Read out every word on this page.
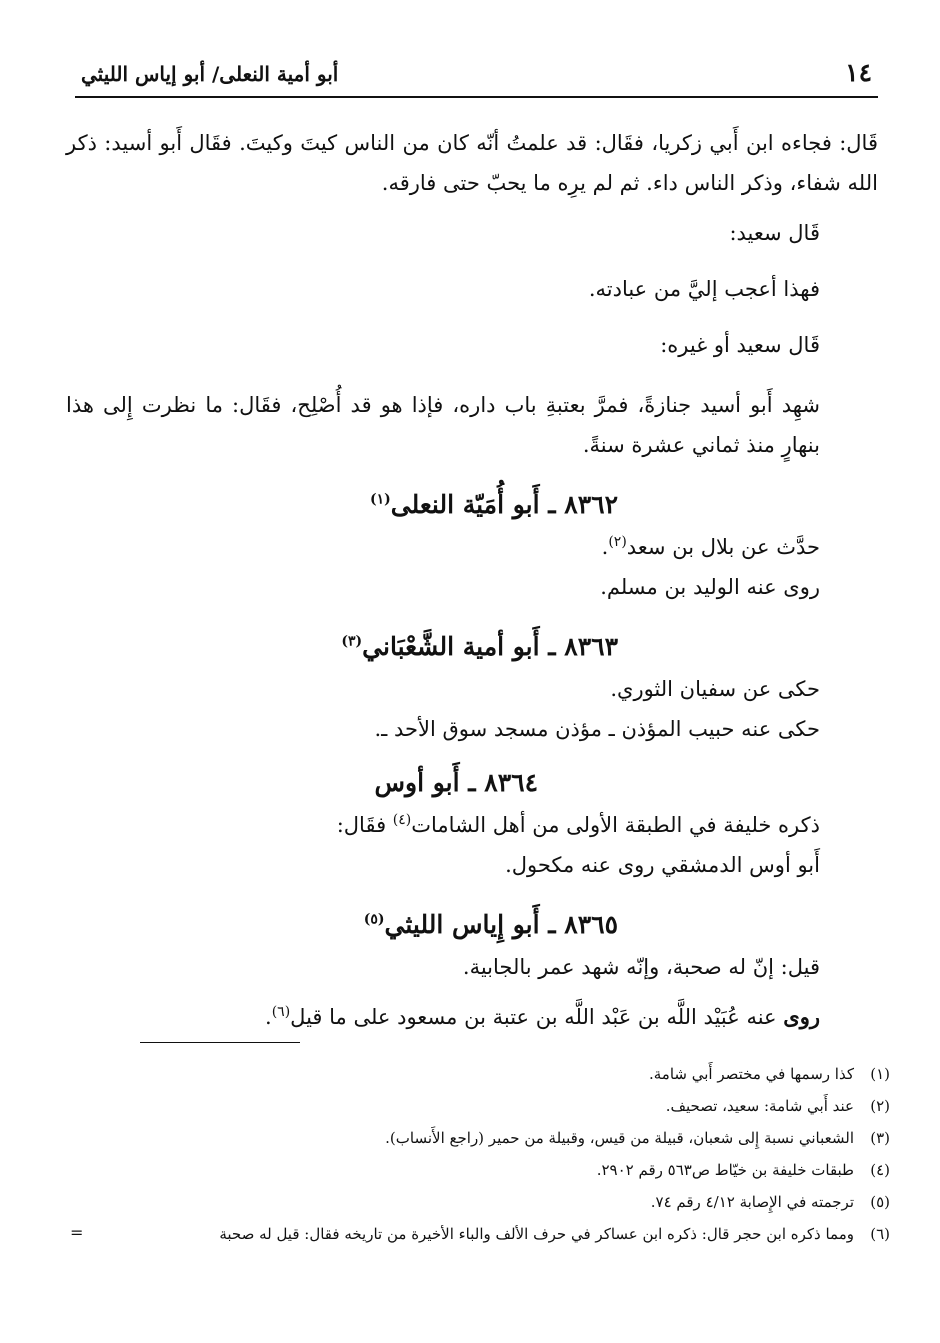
١٤
أبو أمية النعلى/ أبو إياس الليثي

قَال: فجاءه ابن أَبي زكريا، فقَال: قد علمتُ أنّه كان من الناس كيتَ وكيتَ. فقَال أَبو أسيد: ذكر الله شفاء، وذكر الناس داء. ثم لم يرِه ما يحبّ حتى فارقه.

قَال سعيد:

فهذا أعجب إليَّ من عبادته.

قَال سعيد أو غيره:

شهِد أَبو أسيد جنازةً، فمرَّ بعتبةِ باب داره، فإذا هو قد أُصْلِح، فقَال: ما نظرت إِلى هذا بنهارٍ منذ ثماني عشرة سنةً.

٨٣٦٢ ـ أَبو أُمَيّة النعلى$^{(١)}$

حدَّث عن بلال بن سعد$^{(٢)}$.

روى عنه الوليد بن مسلم.

٨٣٦٣ ـ أَبو أمية الشَّعْبَاني$^{(٣)}$

حكى عن سفيان الثوري.

حكى عنه حبيب المؤذن ـ مؤذن مسجد سوق الأحد ـ.

٨٣٦٤ ـ أَبو أوس

ذكره خليفة في الطبقة الأولى من أهل الشامات$^{(٤)}$ فقَال:

أَبو أوس الدمشقي روى عنه مكحول.

٨٣٦٥ ـ أَبو إِياس الليثي$^{(٥)}$

قيل: إنّ له صحبة، وإنّه شهد عمر بالجابية.

روى عنه عُبَيْد اللَّه بن عَبْد اللَّه بن عتبة بن مسعود على ما قيل$^{(٦)}$.

(١)كذا رسمها في مختصر أَبي شامة.
(٢)عند أَبي شامة: سعيد، تصحيف.
(٣)الشعباني نسبة إِلى شعبان، قبيلة من قيس، وقبيلة من حمير (راجع الأَنساب).
(٤)طبقات خليفة بن خيّاط ص٥٦٣ رقم ٢٩٠٢.
(٥)ترجمته في الإِصابة ٤/١٢ رقم ٧٤.
(٦)ومما ذكره ابن حجر قال: ذكره ابن عساكر في حرف الألف والباء الأخيرة من تاريخه فقال: قيل له صحبة
=
